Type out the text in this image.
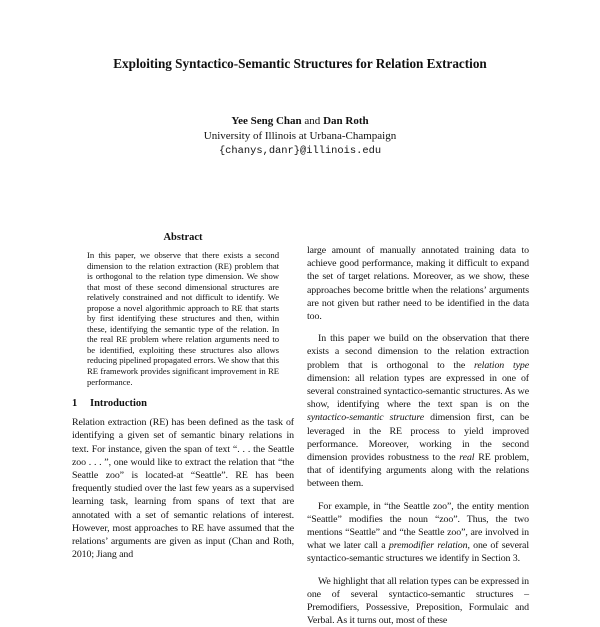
Exploiting Syntactico-Semantic Structures for Relation Extraction
Yee Seng Chan and Dan Roth
University of Illinois at Urbana-Champaign
{chanys,danr}@illinois.edu
Abstract

In this paper, we observe that there exists a second dimension to the relation extraction (RE) problem that is orthogonal to the relation type dimension. We show that most of these second dimensional structures are relatively constrained and not difficult to identify. We propose a novel algorithmic approach to RE that starts by first identifying these structures and then, within these, identifying the semantic type of the relation. In the real RE problem where relation arguments need to be identified, exploiting these structures also allows reducing pipelined propagated errors. We show that this RE framework provides significant improvement in RE performance.

1 Introduction

Relation extraction (RE) has been defined as the task of identifying a given set of semantic binary relations in text. For instance, given the span of text “. . . the Seattle zoo . . . ”, one would like to extract the relation that “the Seattle zoo” is located-at “Seattle”. RE has been frequently studied over the last few years as a supervised learning task, learning from spans of text that are annotated with a set of semantic relations of interest. However, most approaches to RE have assumed that the relations’ arguments are given as input (Chan and Roth, 2010; Jiang and

large amount of manually annotated training data to achieve good performance, making it difficult to expand the set of target relations. Moreover, as we show, these approaches become brittle when the relations’ arguments are not given but rather need to be identified in the data too.

In this paper we build on the observation that there exists a second dimension to the relation extraction problem that is orthogonal to the relation type dimension: all relation types are expressed in one of several constrained syntactico-semantic structures. As we show, identifying where the text span is on the syntactico-semantic structure dimension first, can be leveraged in the RE process to yield improved performance. Moreover, working in the second dimension provides robustness to the real RE problem, that of identifying arguments along with the relations between them.

For example, in “the Seattle zoo”, the entity mention “Seattle” modifies the noun “zoo”. Thus, the two mentions “Seattle” and “the Seattle zoo”, are involved in what we later call a premodifier relation, one of several syntactico-semantic structures we identify in Section 3.

We highlight that all relation types can be expressed in one of several syntactico-semantic structures – Premodifiers, Possessive, Preposition, Formulaic and Verbal. As it turns out, most of these
